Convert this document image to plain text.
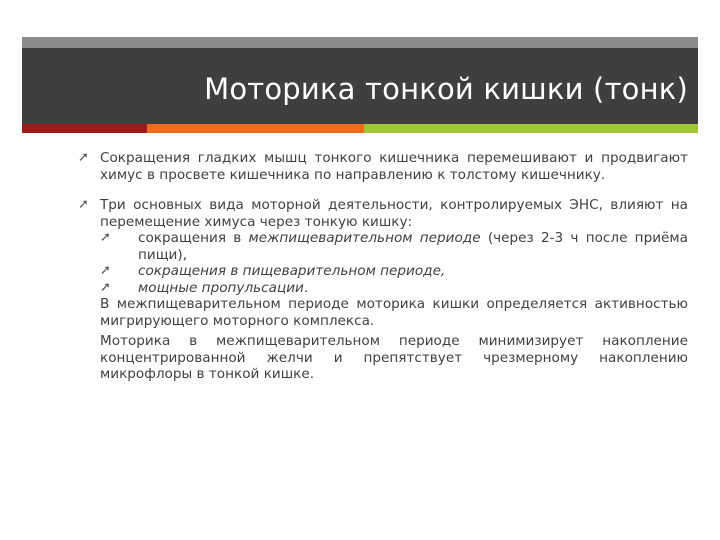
Моторика тонкой кишки (тонк)
➚ Сокращения гладких мышц тонкого кишечника перемешивают и продвигают химус в просвете кишечника по направлению к толстому кишечнику.
➚ Три основных вида моторной деятельности, контролируемых ЭНС, влияют на перемещение химуса через тонкую кишку:
➚ сокращения в межпищеварительном периоде (через 2-3 ч после приёма пищи),
➚ сокращения в пищеварительном периоде,
➚ мощные пропульсации.
В межпищеварительном периоде моторика кишки определяется активностью мигрирующего моторного комплекса.
Моторика в межпищеварительном периоде минимизирует накопление концентрированной желчи и препятствует чрезмерному накоплению микрофлоры в тонкой кишке.
